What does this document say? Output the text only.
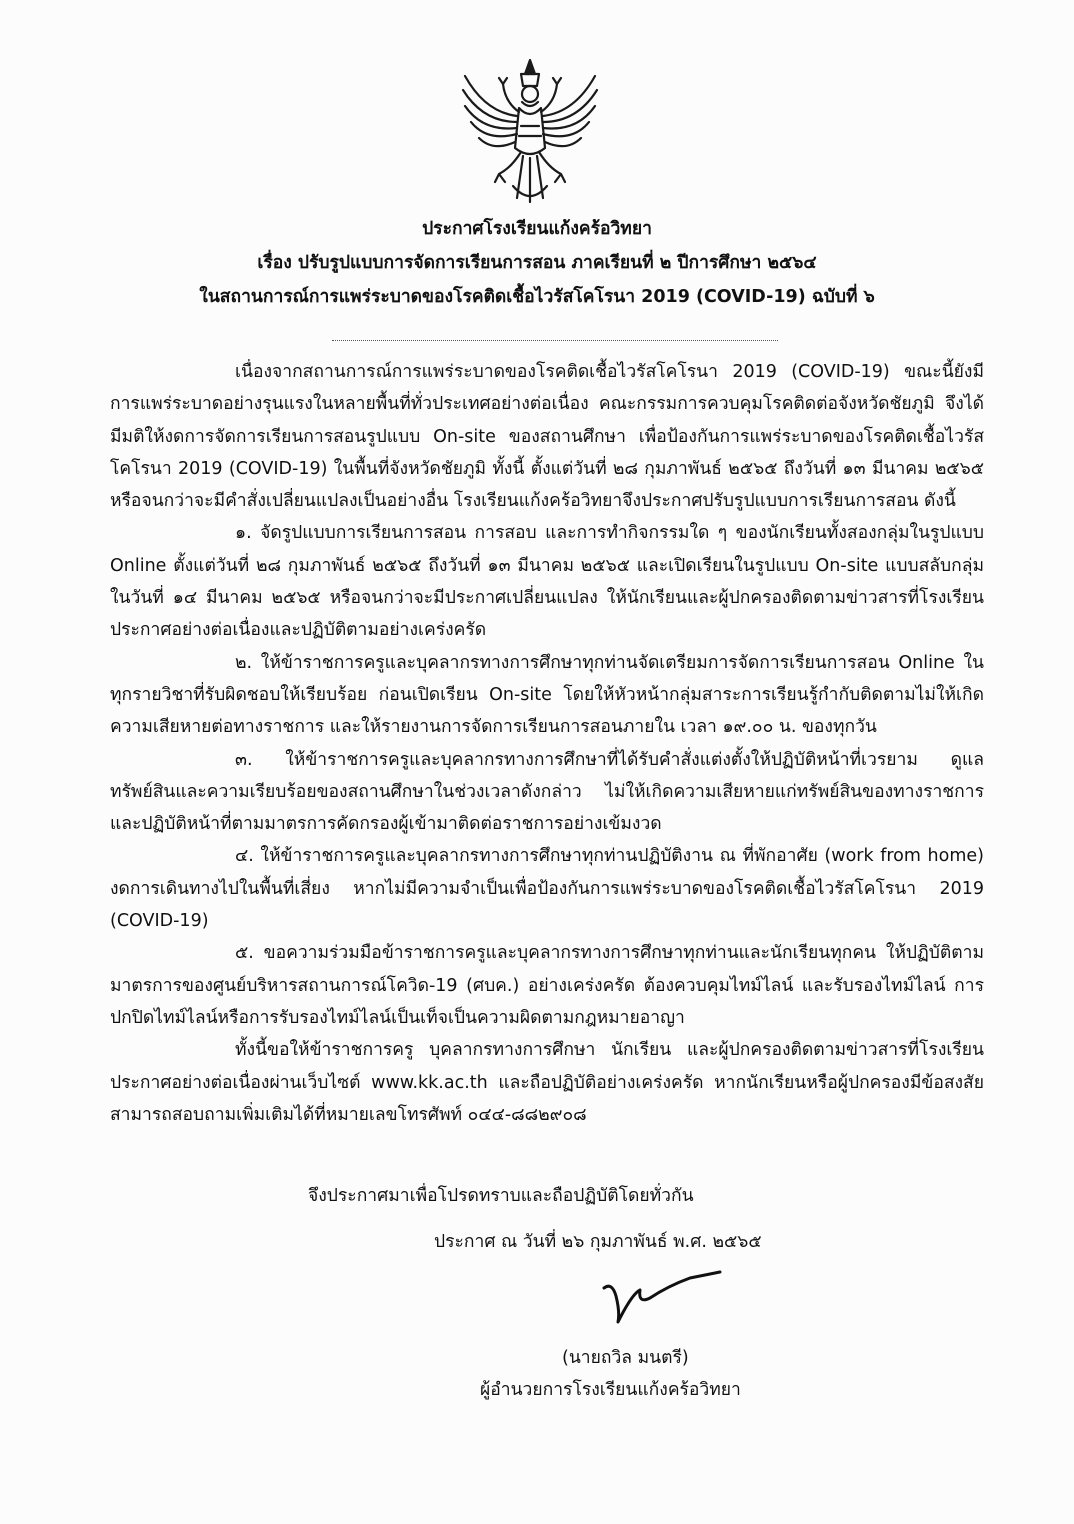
ประกาศโรงเรียนแก้งคร้อวิทยา
เรื่อง ปรับรูปแบบการจัดการเรียนการสอน ภาคเรียนที่ ๒ ปีการศึกษา ๒๕๖๔
ในสถานการณ์การแพร่ระบาดของโรคติดเชื้อไวรัสโคโรนา 2019 (COVID-19) ฉบับที่ ๖

เนื่องจากสถานการณ์การแพร่ระบาดของโรคติดเชื้อไวรัสโคโรนา 2019 (COVID-19) ขณะนี้ยังมีการแพร่ระบาดอย่างรุนแรงในหลายพื้นที่ทั่วประเทศอย่างต่อเนื่อง คณะกรรมการควบคุมโรคติดต่อจังหวัดชัยภูมิ จึงได้มีมติให้งดการจัดการเรียนการสอนรูปแบบ On-site ของสถานศึกษา เพื่อป้องกันการแพร่ระบาดของโรคติดเชื้อไวรัสโคโรนา 2019 (COVID-19) ในพื้นที่จังหวัดชัยภูมิ ทั้งนี้ ตั้งแต่วันที่ ๒๘ กุมภาพันธ์ ๒๕๖๕ ถึงวันที่ ๑๓ มีนาคม ๒๕๖๕ หรือจนกว่าจะมีคำสั่งเปลี่ยนแปลงเป็นอย่างอื่น โรงเรียนแก้งคร้อวิทยาจึงประกาศปรับรูปแบบการเรียนการสอน ดังนี้

๑. จัดรูปแบบการเรียนการสอน การสอบ และการทำกิจกรรมใด ๆ ของนักเรียนทั้งสองกลุ่มในรูปแบบ Online ตั้งแต่วันที่ ๒๘ กุมภาพันธ์ ๒๕๖๕ ถึงวันที่ ๑๓ มีนาคม ๒๕๖๕ และเปิดเรียนในรูปแบบ On-site แบบสลับกลุ่ม ในวันที่ ๑๔ มีนาคม ๒๕๖๕ หรือจนกว่าจะมีประกาศเปลี่ยนแปลง ให้นักเรียนและผู้ปกครองติดตามข่าวสารที่โรงเรียนประกาศอย่างต่อเนื่องและปฏิบัติตามอย่างเคร่งครัด

๒. ให้ข้าราชการครูและบุคลากรทางการศึกษาทุกท่านจัดเตรียมการจัดการเรียนการสอน Online ในทุกรายวิชาที่รับผิดชอบให้เรียบร้อย ก่อนเปิดเรียน On-site โดยให้หัวหน้ากลุ่มสาระการเรียนรู้กำกับติดตามไม่ให้เกิดความเสียหายต่อทางราชการ และให้รายงานการจัดการเรียนการสอนภายใน เวลา ๑๙.๐๐ น. ของทุกวัน

๓. ให้ข้าราชการครูและบุคลากรทางการศึกษาที่ได้รับคำสั่งแต่งตั้งให้ปฏิบัติหน้าที่เวรยาม ดูแลทรัพย์สินและความเรียบร้อยของสถานศึกษาในช่วงเวลาดังกล่าว ไม่ให้เกิดความเสียหายแก่ทรัพย์สินของทางราชการและปฏิบัติหน้าที่ตามมาตรการคัดกรองผู้เข้ามาติดต่อราชการอย่างเข้มงวด

๔. ให้ข้าราชการครูและบุคลากรทางการศึกษาทุกท่านปฏิบัติงาน ณ ที่พักอาศัย (work from home) งดการเดินทางไปในพื้นที่เสี่ยง หากไม่มีความจำเป็นเพื่อป้องกันการแพร่ระบาดของโรคติดเชื้อไวรัสโคโรนา 2019 (COVID-19)

๕. ขอความร่วมมือข้าราชการครูและบุคลากรทางการศึกษาทุกท่านและนักเรียนทุกคน ให้ปฏิบัติตามมาตรการของศูนย์บริหารสถานการณ์โควิด-19 (ศบค.) อย่างเคร่งครัด ต้องควบคุมไทม์ไลน์ และรับรองไทม์ไลน์ การปกปิดไทม์ไลน์หรือการรับรองไทม์ไลน์เป็นเท็จเป็นความผิดตามกฎหมายอาญา

ทั้งนี้ขอให้ข้าราชการครู บุคลากรทางการศึกษา นักเรียน และผู้ปกครองติดตามข่าวสารที่โรงเรียนประกาศอย่างต่อเนื่องผ่านเว็บไซต์ www.kk.ac.th และถือปฏิบัติอย่างเคร่งครัด หากนักเรียนหรือผู้ปกครองมีข้อสงสัยสามารถสอบถามเพิ่มเติมได้ที่หมายเลขโทรศัพท์ ๐๔๔-๘๘๒๙๐๘

จึงประกาศมาเพื่อโปรดทราบและถือปฏิบัติโดยทั่วกัน
ประกาศ ณ วันที่ ๒๖ กุมภาพันธ์ พ.ศ. ๒๕๖๕
(นายถวิล มนตรี)
ผู้อำนวยการโรงเรียนแก้งคร้อวิทยา
